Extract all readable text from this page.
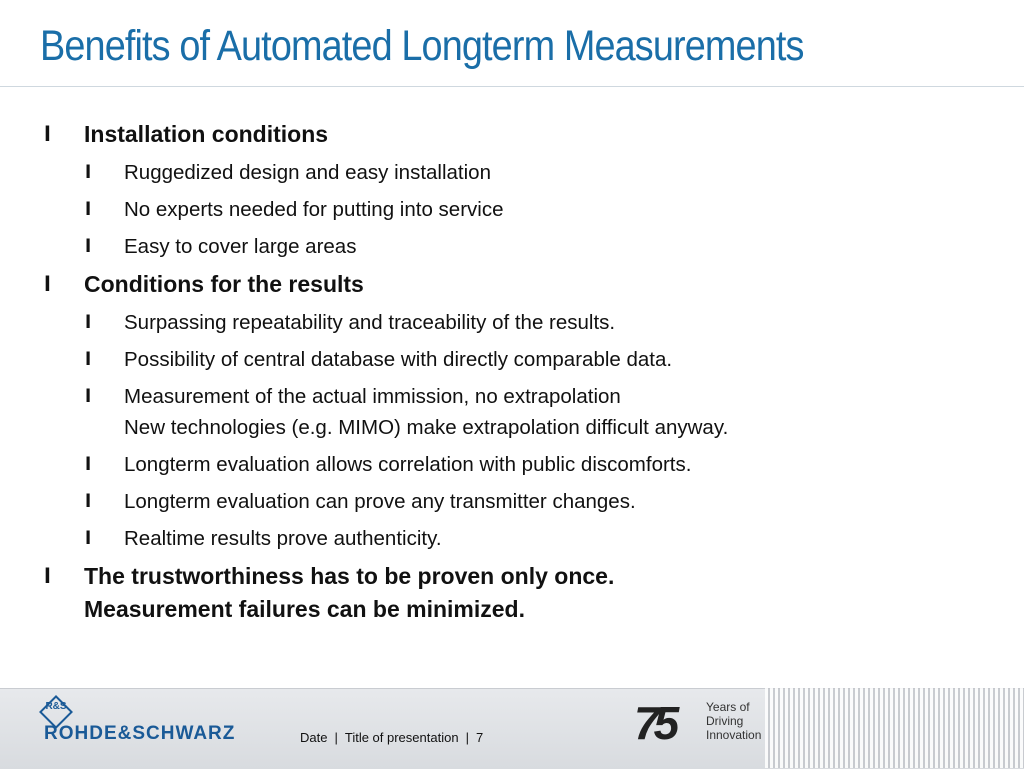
Benefits of Automated Longterm Measurements
l Installation conditions
l Ruggedized design and easy installation
l No experts needed for putting into service
l Easy to cover large areas
l Conditions for the results
l Surpassing repeatability and traceability of the results.
l Possibility of central database with directly comparable data.
l Measurement of the actual immission, no extrapolation
New technologies (e.g. MIMO) make extrapolation difficult anyway.
l Longterm evaluation allows correlation with public discomforts.
l Longterm evaluation can prove any transmitter changes.
l Realtime results prove authenticity.
l The trustworthiness has to be proven only once.
Measurement failures can be minimized.
R&S
ROHDE&SCHWARZ	Date | Title of presentation | 7	75	Years of
Driving
Innovation
